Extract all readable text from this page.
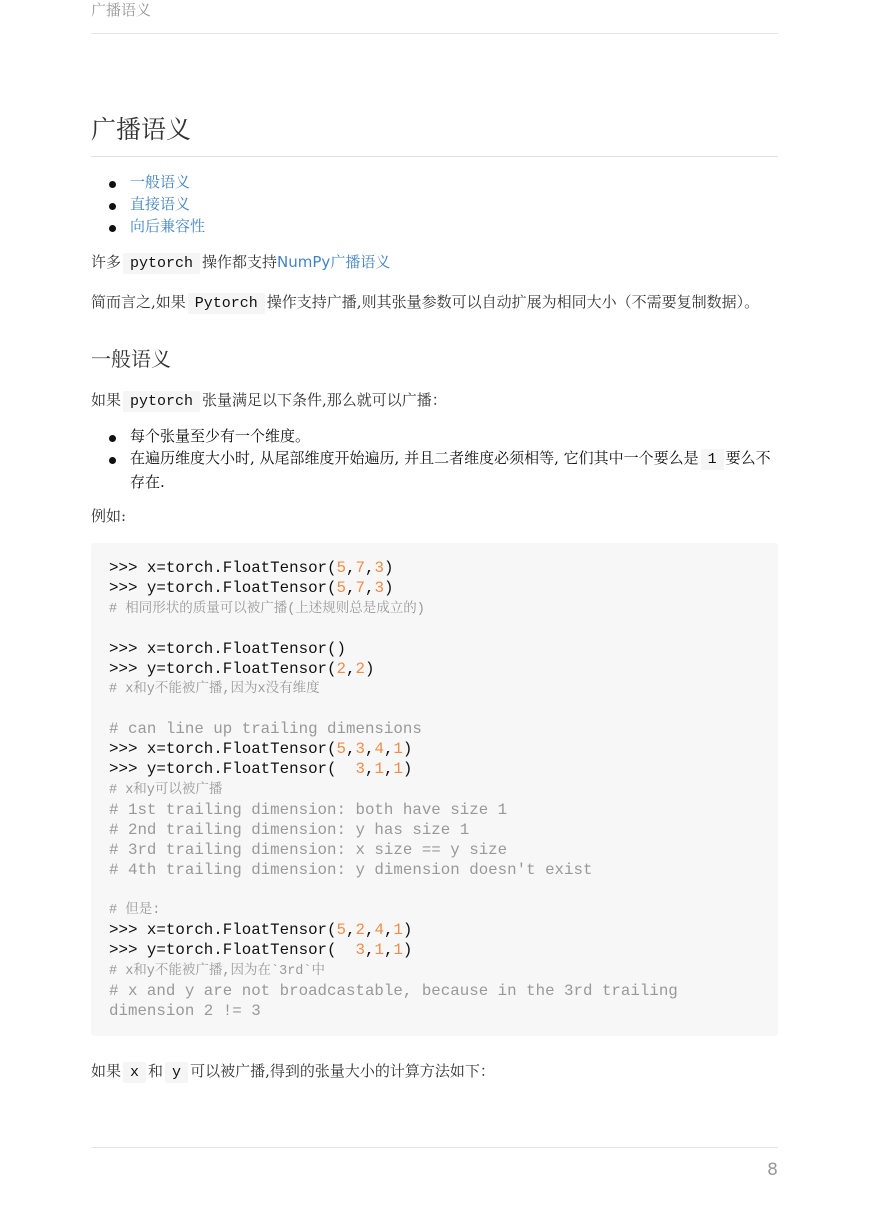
广播语义
广播语义
一般语义
直接语义
向后兼容性

许多 pytorch 操作都支持NumPy广播语义

简而言之,如果 Pytorch 操作支持广播,则其张量参数可以自动扩展为相同大小（不需要复制数据）。

一般语义

如果 pytorch 张量满足以下条件,那么就可以广播：

每个张量至少有一个维度。
在遍历维度大小时, 从尾部维度开始遍历, 并且二者维度必须相等, 它们其中一个要么是 1 要么不存在.

例如:

>>> x=torch.FloatTensor(5,7,3)
>>> y=torch.FloatTensor(5,7,3)
# 相同形状的质量可以被广播(上述规则总是成立的)
>>> x=torch.FloatTensor()
>>> y=torch.FloatTensor(2,2)
# x和y不能被广播,因为x没有维度
# can line up trailing dimensions
>>> x=torch.FloatTensor(5,3,4,1)
>>> y=torch.FloatTensor(  3,1,1)
# x和y可以被广播
# 1st trailing dimension: both have size 1
# 2nd trailing dimension: y has size 1
# 3rd trailing dimension: x size == y size
# 4th trailing dimension: y dimension doesn't exist
# 但是:
>>> x=torch.FloatTensor(5,2,4,1)
>>> y=torch.FloatTensor(  3,1,1)
# x和y不能被广播,因为在`3rd`中
# x and y are not broadcastable, because in the 3rd trailing dimension 2 != 3

如果 x 和 y 可以被广播,得到的张量大小的计算方法如下：

8
